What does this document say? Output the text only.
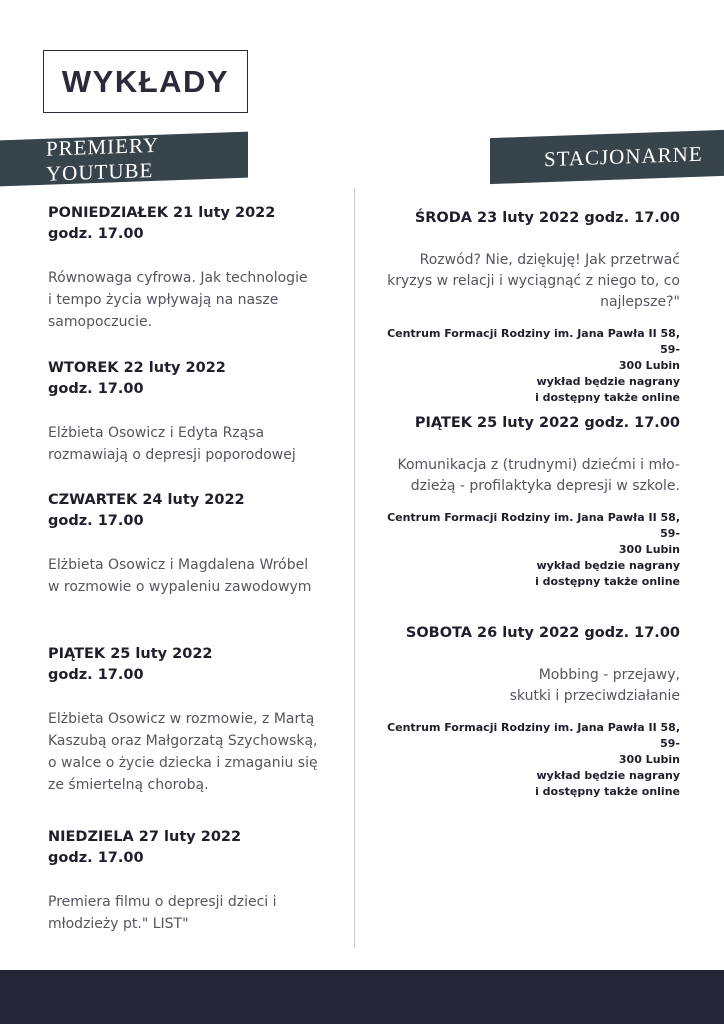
WYKŁADY
PREMIERY YOUTUBE
STACJONARNE
PONIEDZIAŁEK 21 luty 2022
godz. 17.00
Równowaga cyfrowa. Jak technologie
i tempo życia wpływają na nasze
samopoczucie.
WTOREK 22 luty 2022
godz. 17.00
Elżbieta Osowicz i Edyta Rząsa
rozmawiają o depresji poporodowej
CZWARTEK 24 luty 2022
godz. 17.00
Elżbieta Osowicz i Magdalena Wróbel
w rozmowie o wypaleniu zawodowym
PIĄTEK 25 luty 2022
godz. 17.00
Elżbieta Osowicz w rozmowie, z Martą
Kaszubą oraz Małgorzatą Szychowską,
o walce o życie dziecka i zmaganiu się
ze śmiertelną chorobą.
NIEDZIELA 27 luty 2022
godz. 17.00
Premiera filmu o depresji dzieci i
młodzieży pt." LIST"
ŚRODA 23 luty 2022 godz. 17.00
Rozwód? Nie, dziękuję! Jak przetrwać
kryzys w relacji i wyciągnąć z niego to, co
najlepsze?"
Centrum Formacji Rodziny im. Jana Pawła II 58, 59-
300 Lubin
wykład będzie nagrany
i dostępny także online
PIĄTEK 25 luty 2022 godz. 17.00
Komunikacja z (trudnymi) dziećmi i mło-
dzieżą - profilaktyka depresji w szkole.
Centrum Formacji Rodziny im. Jana Pawła II 58, 59-
300 Lubin
wykład będzie nagrany
i dostępny także online
SOBOTA 26 luty 2022 godz. 17.00
Mobbing - przejawy,
skutki i przeciwdziałanie
Centrum Formacji Rodziny im. Jana Pawła II 58, 59-
300 Lubin
wykład będzie nagrany
i dostępny także online
